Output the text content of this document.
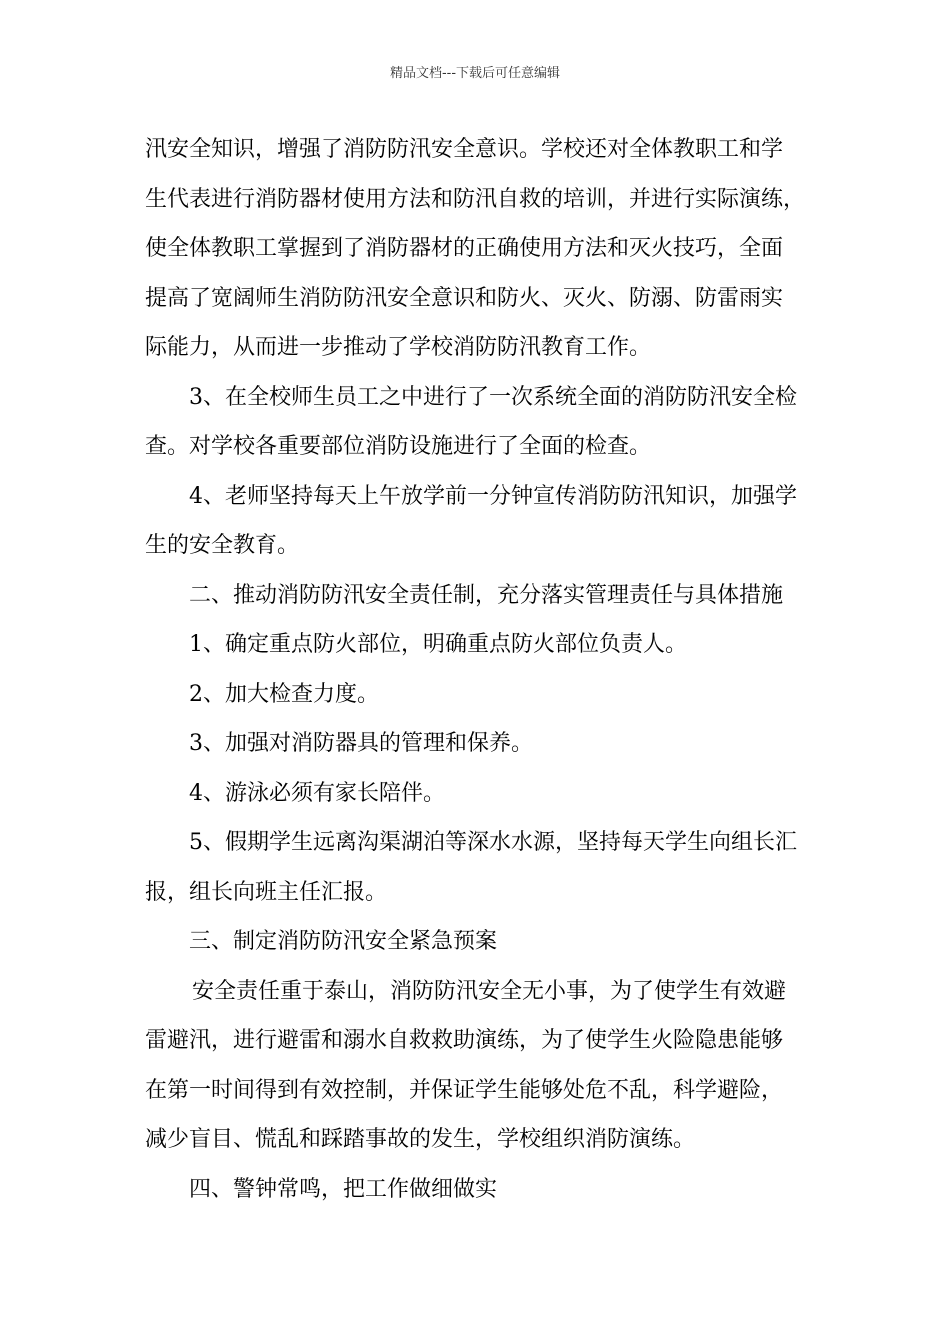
精品文档---下载后可任意编辑
汛安全知识，增强了消防防汛安全意识。学校还对全体教职工和学
生代表进行消防器材使用方法和防汛自救的培训，并进行实际演练，
使全体教职工掌握到了消防器材的正确使用方法和灭火技巧，全面
提高了宽阔师生消防防汛安全意识和防火、灭火、防溺、防雷雨实
际能力，从而进一步推动了学校消防防汛教育工作。
3、在全校师生员工之中进行了一次系统全面的消防防汛安全检
查。对学校各重要部位消防设施进行了全面的检查。
4、老师坚持每天上午放学前一分钟宣传消防防汛知识，加强学
生的安全教育。
二、推动消防防汛安全责任制，充分落实管理责任与具体措施
1、确定重点防火部位，明确重点防火部位负责人。
2、加大检查力度。
3、加强对消防器具的管理和保养。
4、游泳必须有家长陪伴。
5、假期学生远离沟渠湖泊等深水水源，坚持每天学生向组长汇
报，组长向班主任汇报。
三、制定消防防汛安全紧急预案
安全责任重于泰山，消防防汛安全无小事，为了使学生有效避
雷避汛，进行避雷和溺水自救救助演练，为了使学生火险隐患能够
在第一时间得到有效控制，并保证学生能够处危不乱，科学避险，
减少盲目、慌乱和踩踏事故的发生，学校组织消防演练。
四、警钟常鸣，把工作做细做实
